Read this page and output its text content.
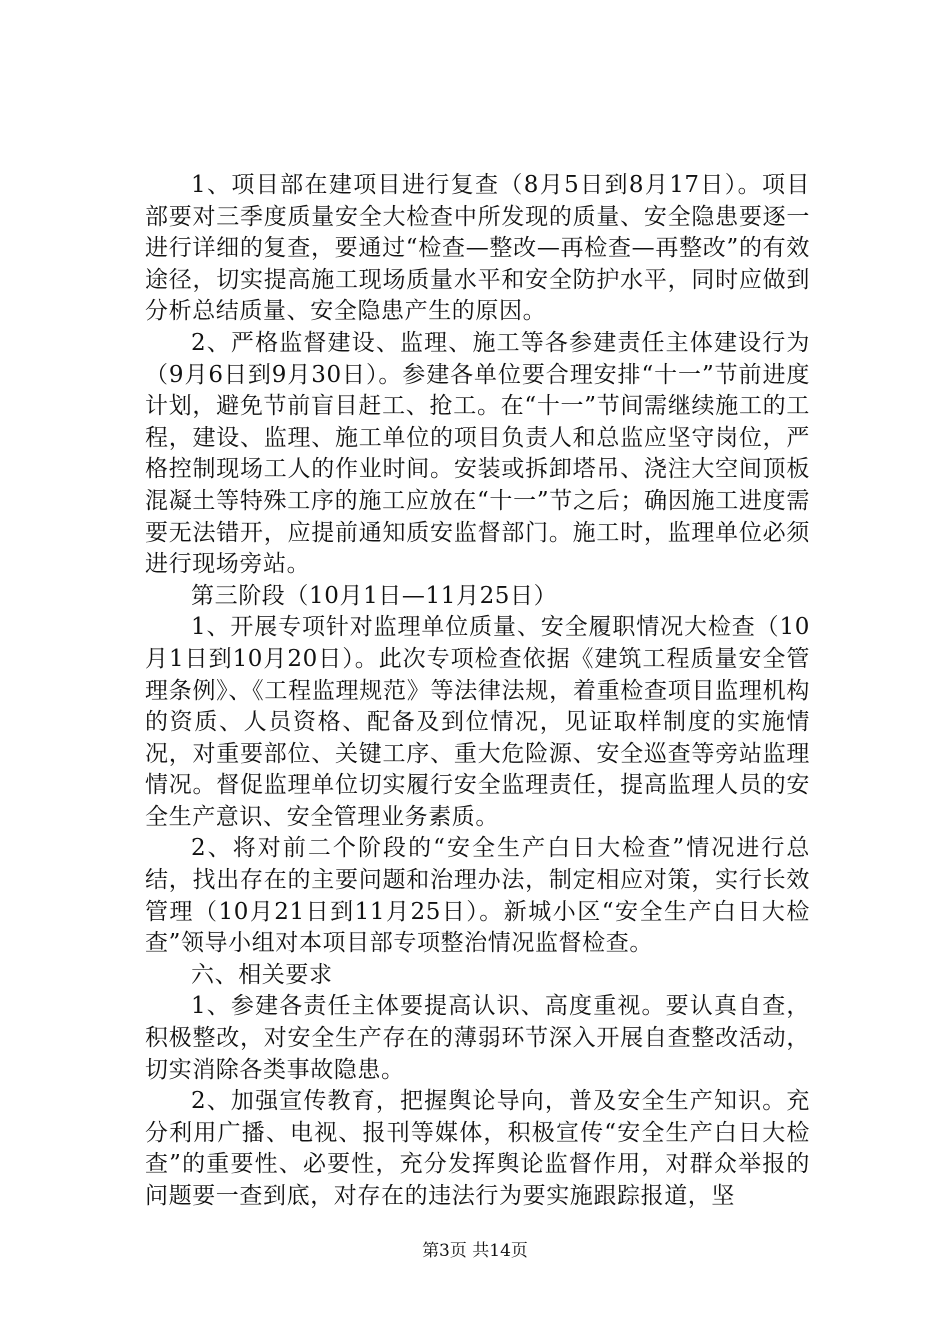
1、项目部在建项目进行复查（8月5日到8月17日）。项目部要对三季度质量安全大检查中所发现的质量、安全隐患要逐一进行详细的复查，要通过“检查—整改—再检查—再整改”的有效途径，切实提高施工现场质量水平和安全防护水平，同时应做到分析总结质量、安全隐患产生的原因。

2、严格监督建设、监理、施工等各参建责任主体建设行为（9月6日到9月30日）。参建各单位要合理安排“十一”节前进度计划，避免节前盲目赶工、抢工。在“十一”节间需继续施工的工程，建设、监理、施工单位的项目负责人和总监应坚守岗位，严格控制现场工人的作业时间。安装或拆卸塔吊、浇注大空间顶板混凝土等特殊工序的施工应放在“十一”节之后；确因施工进度需要无法错开，应提前通知质安监督部门。施工时，监理单位必须进行现场旁站。

第三阶段（10月1日—11月25日）

1、开展专项针对监理单位质量、安全履职情况大检查（10月1日到10月20日）。此次专项检查依据《建筑工程质量安全管理条例》、《工程监理规范》等法律法规，着重检查项目监理机构的资质、人员资格、配备及到位情况，见证取样制度的实施情况，对重要部位、关键工序、重大危险源、安全巡查等旁站监理情况。督促监理单位切实履行安全监理责任，提高监理人员的安全生产意识、安全管理业务素质。

2、将对前二个阶段的“安全生产白日大检查”情况进行总结，找出存在的主要问题和治理办法，制定相应对策，实行长效管理（10月21日到11月25日）。新城小区“安全生产白日大检查”领导小组对本项目部专项整治情况监督检查。

六、相关要求

1、参建各责任主体要提高认识、高度重视。要认真自查，积极整改，对安全生产存在的薄弱环节深入开展自查整改活动，切实消除各类事故隐患。

2、加强宣传教育，把握舆论导向，普及安全生产知识。充分利用广播、电视、报刊等媒体，积极宣传“安全生产白日大检查”的重要性、必要性，充分发挥舆论监督作用，对群众举报的问题要一查到底，对存在的违法行为要实施跟踪报道，坚

第3页 共14页
